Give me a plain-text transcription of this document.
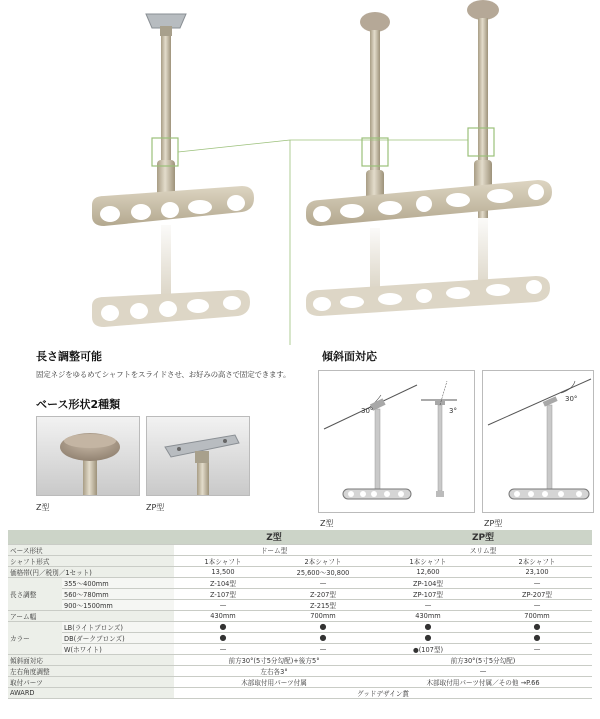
長さ調整可能
固定ネジをゆるめてシャフトをスライドさせ、お好みの高さで固定できます。
傾斜面対応
30°	3°
Z型
30°
ZP型
ベース形状2種類
Z型	ZP型
		Z型		ZP型	
ベース形状		ドーム型		スリム型	
シャフト形式		1本シャフト	2本シャフト	1本シャフト	2本シャフト
価格帯(円／税別／1セット)		13,500	25,600〜30,800	12,600	23,100
長さ調整	355〜400mm	Z-104型	—	ZP-104型	—
	560〜780mm	Z-107型	Z-207型	ZP-107型	ZP-207型
	900〜1500mm	—	Z-215型	—	—
アーム幅		430mm	700mm	430mm	700mm
カラー	LB(ライトブロンズ)	●	●	●	●
	DB(ダークブロンズ)	●	●	●	●
	W(ホワイト)	—	—	●(107型)	—
傾斜面対応		前方30°(5寸5分勾配)+後方5°		前方30°(5寸5分勾配)	
左右角度調整		左右各3°		—	
取付パーツ		木部取付用パーツ付属		木部取付用パーツ付属／その他 →P.66	
AWARD		グッドデザイン賞			
